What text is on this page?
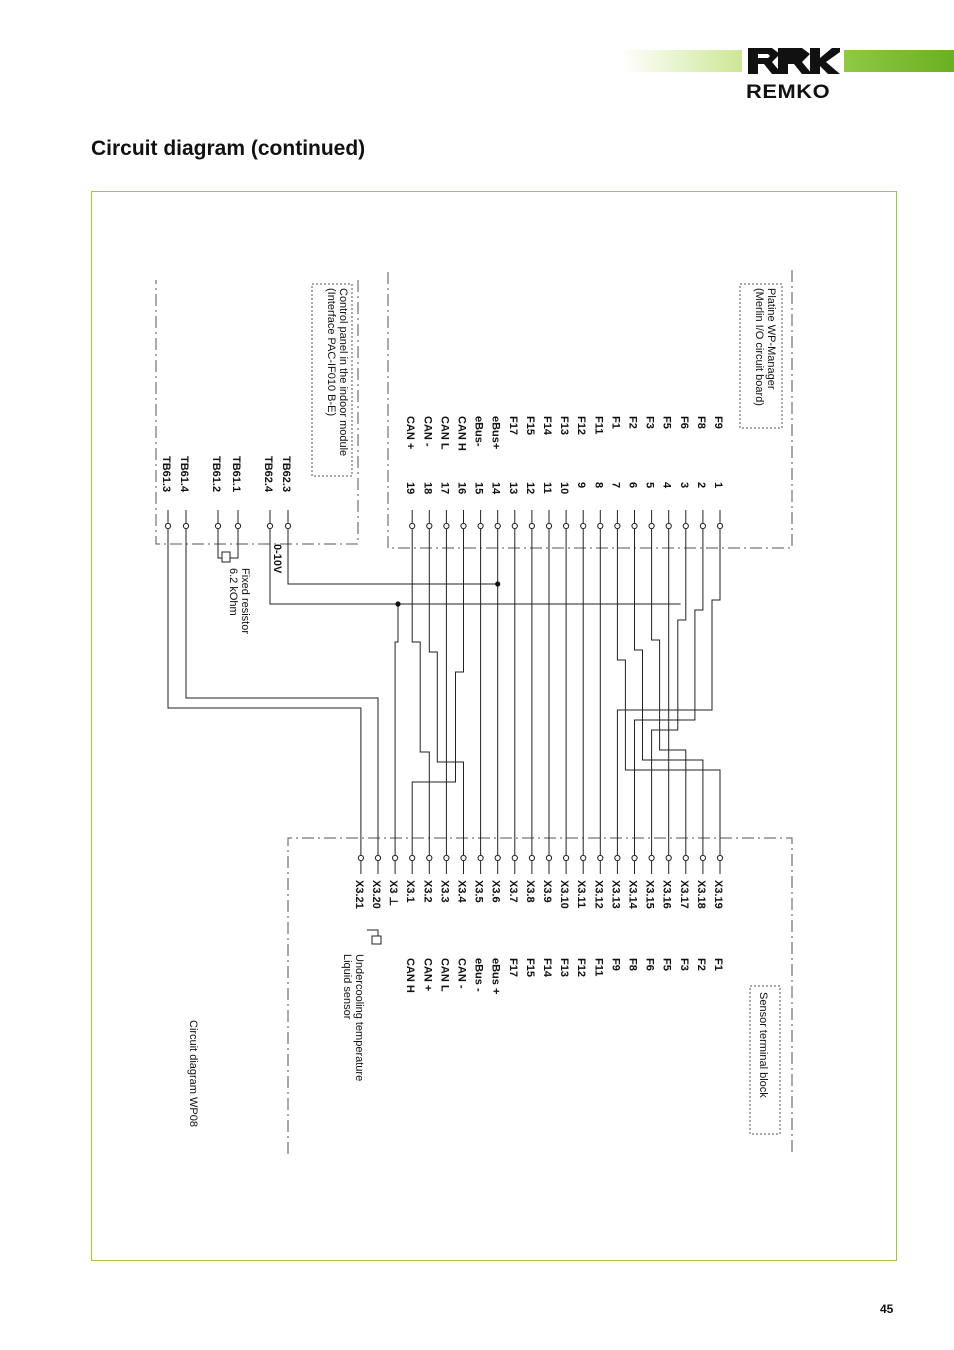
REMKO
Circuit diagram (continued)
F9
1
F8
2
F6
3
F5
4
F3
5
F2
6
F1
7
F11
8
F12
9
F13
10
F14
11
F15
12
F17
13
eBus+
14
eBus-
15
CAN H
16
CAN L
17
CAN -
18
CAN +
19
TB62.3
TB62.4
TB61.1
TB61.2
TB61.4
TB61.3
X3.19
F1
X3.18
F2
X3.17
F3
X3.16
F5
X3.15
F6
X3.14
F8
X3.13
F9
X3.12
F11
X3.11
F12
X3.10
F13
X3.9
F14
X3.8
F15
X3.7
F17
X3.6
eBus +
X3.5
eBus -
X3.4
CAN -
X3.3
CAN L
X3.2
CAN +
X3.1
CAN H
X3 ⊥
X3.20
X3.21
0-10V
Fixed resistor
6.2 kOhm
Undercooling temperature
Liquid sensor
Platine WP-Manager
(Merlin I/O circuit board)
Control panel in the indoor module
(Interface PAC-IF010 B-E)
Sensor terminal block
Circuit diagram WP08
45
